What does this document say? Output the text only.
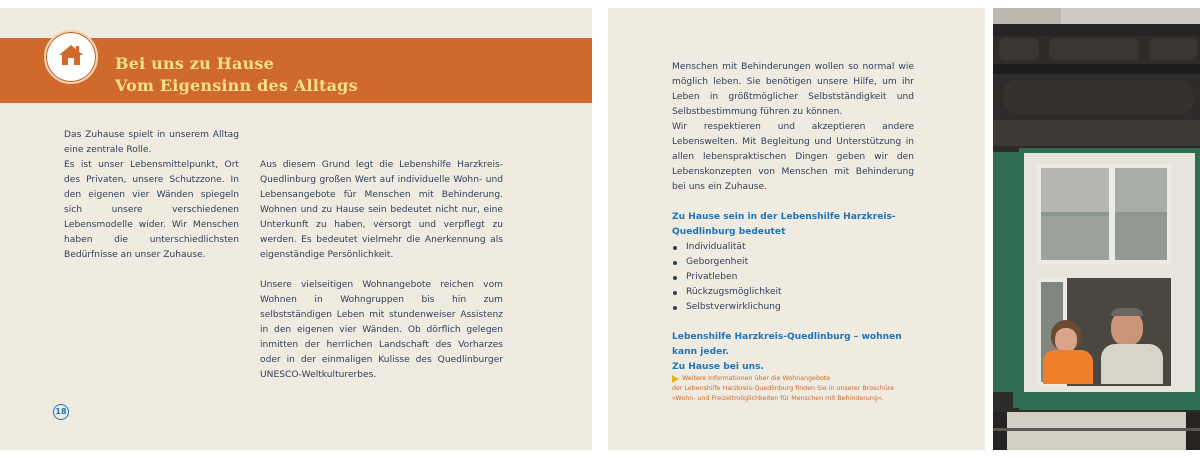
Bei uns zu Hause
Vom Eigensinn des Alltags

Das Zuhause spielt in unserem Alltag eine zentrale Rolle.

Es ist unser Lebensmittelpunkt, Ort des Privaten, unsere Schutzzone. In den eigenen vier Wänden spiegeln sich unsere verschiedenen Lebensmodelle wider. Wir Menschen haben die unterschiedlichsten Bedürfnisse an unser Zuhause.

Aus diesem Grund legt die Lebenshilfe Harzkreis-Quedlinburg großen Wert auf individuelle Wohn- und Lebensangebote für Menschen mit Behinderung. Wohnen und zu Hause sein bedeutet nicht nur, eine Unterkunft zu haben, versorgt und verpflegt zu werden. Es bedeutet vielmehr die Anerkennung als eigenständige Persönlichkeit.

Unsere vielseitigen Wohnangebote reichen vom Wohnen in Wohngruppen bis hin zum selbstständigen Leben mit stundenweiser Assistenz in den eigenen vier Wänden. Ob dörflich gelegen inmitten der herrlichen Landschaft des Vorharzes oder in der einmaligen Kulisse des Quedlinburger UNESCO-Weltkulturerbes.

18

Menschen mit Behinderungen wollen so normal wie möglich leben. Sie benötigen unsere Hilfe, um ihr Leben in größtmöglicher Selbstständigkeit und Selbstbestimmung führen zu können.

Wir respektieren und akzeptieren andere Lebenswelten. Mit Begleitung und Unterstützung in allen lebenspraktischen Dingen geben wir den Lebenskonzepten von Menschen mit Behinderung bei uns ein Zuhause.

Zu Hause sein in der Lebenshilfe Harzkreis-Quedlinburg bedeutet

Individualität
Geborgenheit
Privatleben
Rückzugsmöglichkeit
Selbstverwirklichung

Lebenshilfe Harzkreis-Quedlinburg – wohnen kann jeder.

Zu Hause bei uns.

Weitere Informationen über die Wohnangebote
der Lebenshilfe Harzkreis-Quedlinburg finden Sie in unserer Broschüre
»Wohn- und Freizeitmöglichkeiten für Menschen mit Behinderung«.
